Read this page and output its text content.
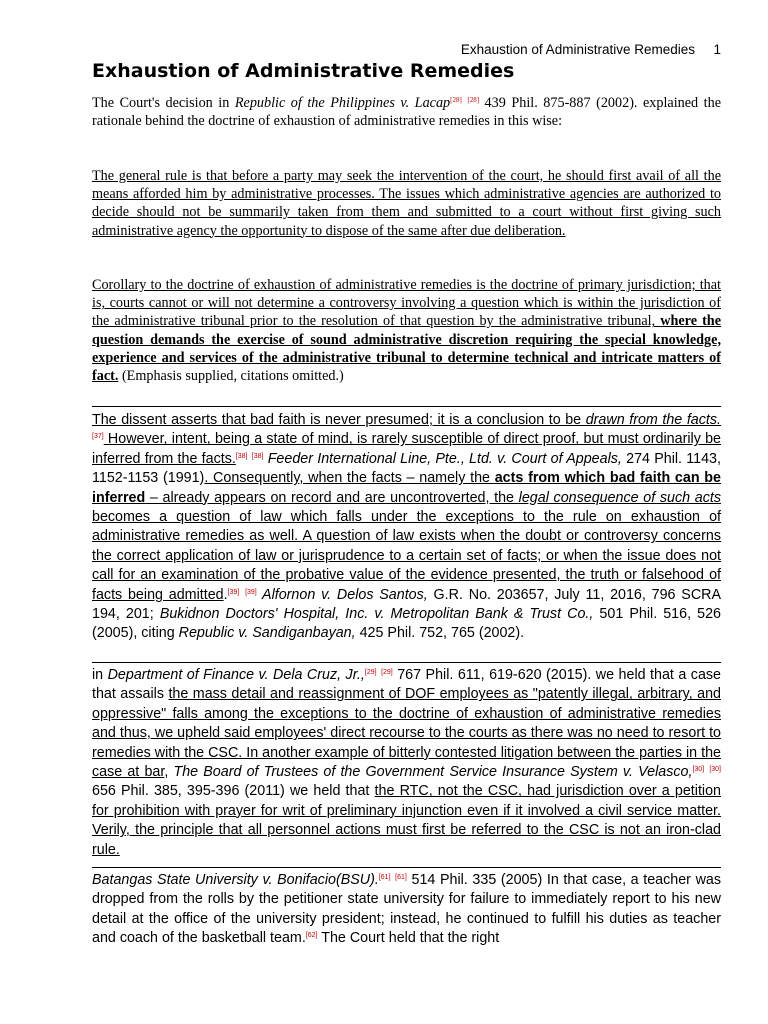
Exhaustion of Administrative Remedies 1
Exhaustion of Administrative Remedies
The Court's decision in Republic of the Philippines v. Lacap[28] [28] 439 Phil. 875-887 (2002). explained the rationale behind the doctrine of exhaustion of administrative remedies in this wise:
The general rule is that before a party may seek the intervention of the court, he should first avail of all the means afforded him by administrative processes. The issues which administrative agencies are authorized to decide should not be summarily taken from them and submitted to a court without first giving such administrative agency the opportunity to dispose of the same after due deliberation.
Corollary to the doctrine of exhaustion of administrative remedies is the doctrine of primary jurisdiction; that is, courts cannot or will not determine a controversy involving a question which is within the jurisdiction of the administrative tribunal prior to the resolution of that question by the administrative tribunal, where the question demands the exercise of sound administrative discretion requiring the special knowledge, experience and services of the administrative tribunal to determine technical and intricate matters of fact. (Emphasis supplied, citations omitted.)
The dissent asserts that bad faith is never presumed; it is a conclusion to be drawn from the facts.[37] However, intent, being a state of mind, is rarely susceptible of direct proof, but must ordinarily be inferred from the facts.[38] [38] Feeder International Line, Pte., Ltd. v. Court of Appeals, 274 Phil. 1143, 1152-1153 (1991). Consequently, when the facts – namely the acts from which bad faith can be inferred – already appears on record and are uncontroverted, the legal consequence of such acts becomes a question of law which falls under the exceptions to the rule on exhaustion of administrative remedies as well. A question of law exists when the doubt or controversy concerns the correct application of law or jurisprudence to a certain set of facts; or when the issue does not call for an examination of the probative value of the evidence presented, the truth or falsehood of facts being admitted.[39] [39] Alfornon v. Delos Santos, G.R. No. 203657, July 11, 2016, 796 SCRA 194, 201; Bukidnon Doctors' Hospital, Inc. v. Metropolitan Bank & Trust Co., 501 Phil. 516, 526 (2005), citing Republic v. Sandiganbayan, 425 Phil. 752, 765 (2002).
in Department of Finance v. Dela Cruz, Jr.,[29] [29] 767 Phil. 611, 619-620 (2015). we held that a case that assails the mass detail and reassignment of DOF employees as "patently illegal, arbitrary, and oppressive" falls among the exceptions to the doctrine of exhaustion of administrative remedies and thus, we upheld said employees' direct recourse to the courts as there was no need to resort to remedies with the CSC. In another example of bitterly contested litigation between the parties in the case at bar, The Board of Trustees of the Government Service Insurance System v. Velasco,[30] [30] 656 Phil. 385, 395-396 (2011) we held that the RTC, not the CSC, had jurisdiction over a petition for prohibition with prayer for writ of preliminary injunction even if it involved a civil service matter. Verily, the principle that all personnel actions must first be referred to the CSC is not an iron-clad rule.
Batangas State University v. Bonifacio(BSU).[61] [61] 514 Phil. 335 (2005) In that case, a teacher was dropped from the rolls by the petitioner state university for failure to immediately report to his new detail at the office of the university president; instead, he continued to fulfill his duties as teacher and coach of the basketball team.[62] The Court held that the right
